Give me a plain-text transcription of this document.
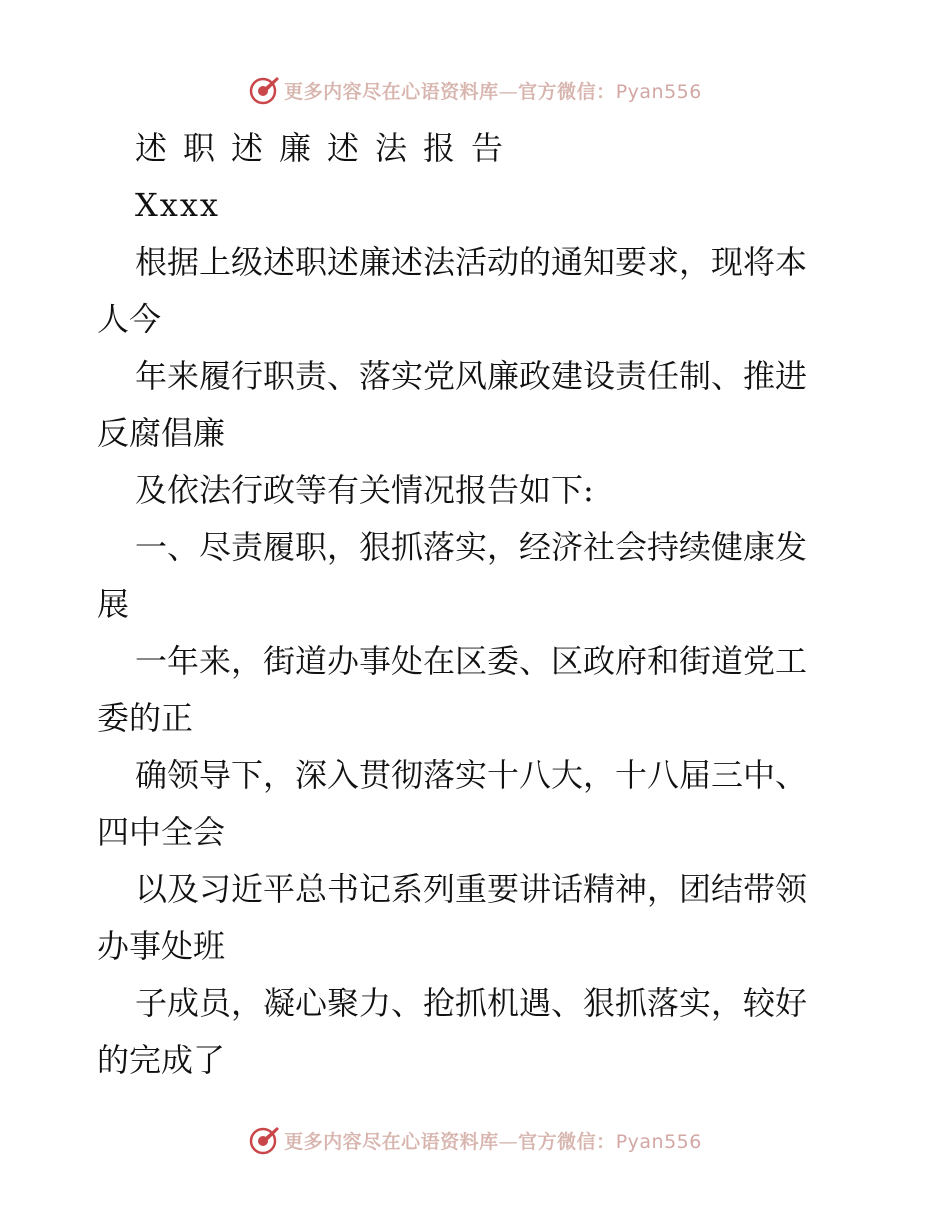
更多内容尽在心语资料库—官方微信：Pyan556
述职述廉述法报告
Xxxx
根据上级述职述廉述法活动的通知要求，现将本
人今
年来履行职责、落实党风廉政建设责任制、推进
反腐倡廉
及依法行政等有关情况报告如下:
一、尽责履职，狠抓落实，经济社会持续健康发
展
一年来，街道办事处在区委、区政府和街道党工
委的正
确领导下，深入贯彻落实十八大，十八届三中、
四中全会
以及习近平总书记系列重要讲话精神，团结带领
办事处班
子成员，凝心聚力、抢抓机遇、狠抓落实，较好
的完成了
更多内容尽在心语资料库—官方微信：Pyan556
